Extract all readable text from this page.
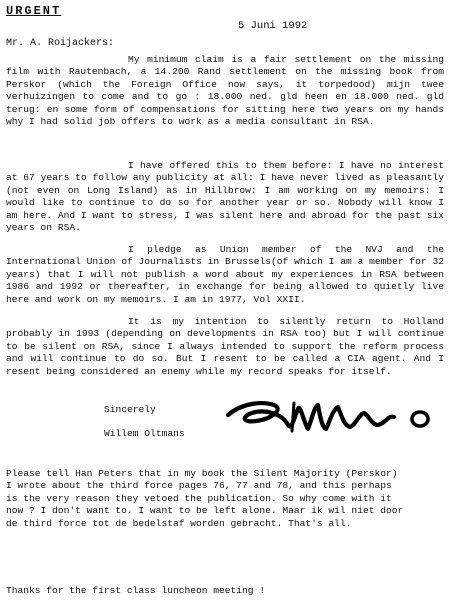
URGENT
5 Juni 1992
Mr. A. Roijackers:

My minimum claim is a fair settlement on the missing film with Rautenbach, a 14.200 Rand settlement on the missing book from Perskor (which the Foreign Office now says, it torpedood) mijn twee verhuizingen to come and to go : 18.000 ned. gld heen en 18.000 ned. gld terug: en some form of compensations for sitting here two years on my hands why I had solid job offers to work as a media consultant in RSA.

I have offered this to them before: I have no interest at 67 years to follow any publicity at all: I have never lived as pleasantly (not even on Long Island) as in Hillbrow: I am working on my memoirs: I would like to continue to do so for another year or so. Nobody will know I am here. And I want to stress, I was silent here and abroad for the past six years on RSA.

I pledge as Union member of the NVJ and the International Union of Journalists in Brussels(of which I am a member for 32 years) that I will not publish a word about my experiences in RSA between 1986 and 1992 or thereafter, in exchange for being allowed to quietly live here and work on my memoirs. I am in 1977, Vol XXII.

It is my intention to silently return to Holland probably in 1993 (depending on developments in RSA too) but I will continue to be silent on RSA, since I always intended to support the reform process and will continue to do so. But I resent to be called a CIA agent. And I resent being considered an enemy while my record speaks for itself.

Sincerely
Willem Oltmans
Please tell Han Peters that in my book the Silent Majority (Perskor)
I wrote about the third force pages 76, 77 and 78, and this perhaps
is the very reason they vetoed the publication. So why come with it
now ? I don't want to. I want to be left alone. Maar ik wil niet door
de third force tot de bedelstaf worden gebracht. That's all.
Thanks for the first class luncheon meeting !
